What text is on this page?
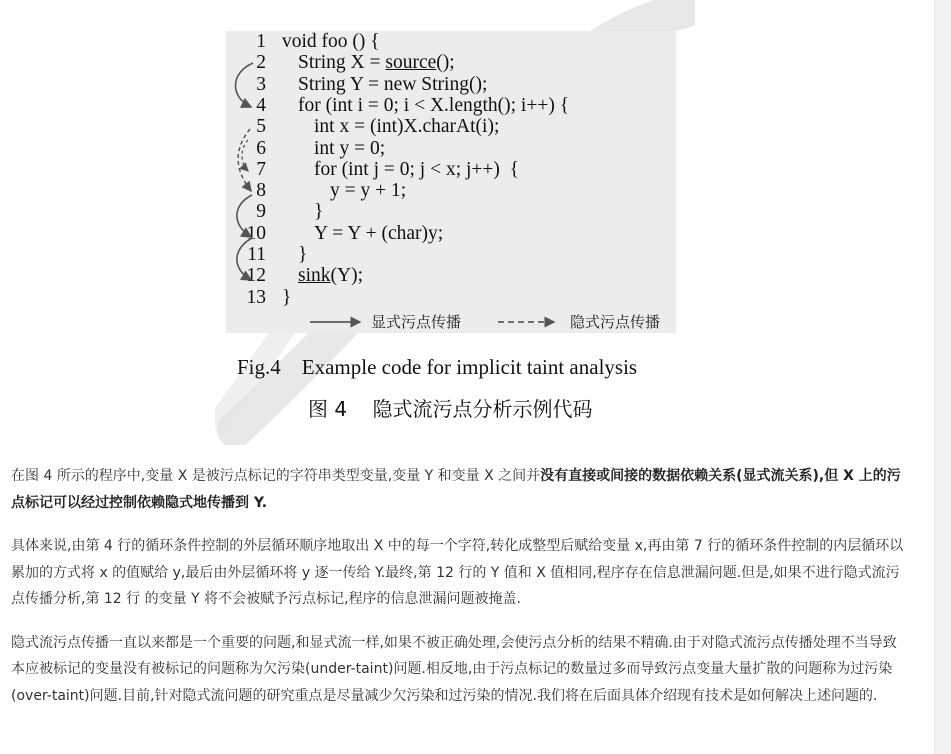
1 void foo () {
2 String X = source();
3 String Y = new String();
4 for (int i = 0; i < X.length(); i++) {
5 int x = (int)X.charAt(i);
6 int y = 0;
7 for (int j = 0; j < x; j++)  {
8	y = y + 1;
9 }
10 Y = Y + (char)y;
11 }
12 sink(Y);
13 }
显式污点传播	隐式污点传播
Fig.4    Example code for implicit taint analysis
图 4    隐式流污点分析示例代码

在图 4 所示的程序中,变量 X 是被污点标记的字符串类型变量,变量 Y 和变量 X 之间并没有直接或间接的数据依赖关系(显式流关系),但 X 上的污点标记可以经过控制依赖隐式地传播到 Y.

具体来说,由第 4 行的循环条件控制的外层循环顺序地取出 X 中的每一个字符,转化成整型后赋给变量 x,再由第 7 行的循环条件控制的内层循环以累加的方式将 x 的值赋给 y,最后由外层循环将 y 逐一传给 Y.最终,第 12 行的 Y 值和 X 值相同,程序存在信息泄漏问题.但是,如果不进行隐式流污点传播分析,第 12 行 的变量 Y 将不会被赋予污点标记,程序的信息泄漏问题被掩盖.

隐式流污点传播一直以来都是一个重要的问题,和显式流一样,如果不被正确处理,会使污点分析的结果不精确.由于对隐式流污点传播处理不当导致本应被标记的变量没有被标记的问题称为欠污染(under-taint)问题.相反地,由于污点标记的数量过多而导致污点变量大量扩散的问题称为过污染(over-taint)问题.目前,针对隐式流问题的研究重点是尽量减少欠污染和过污染的情况.我们将在后面具体介绍现有技术是如何解决上述问题的.
